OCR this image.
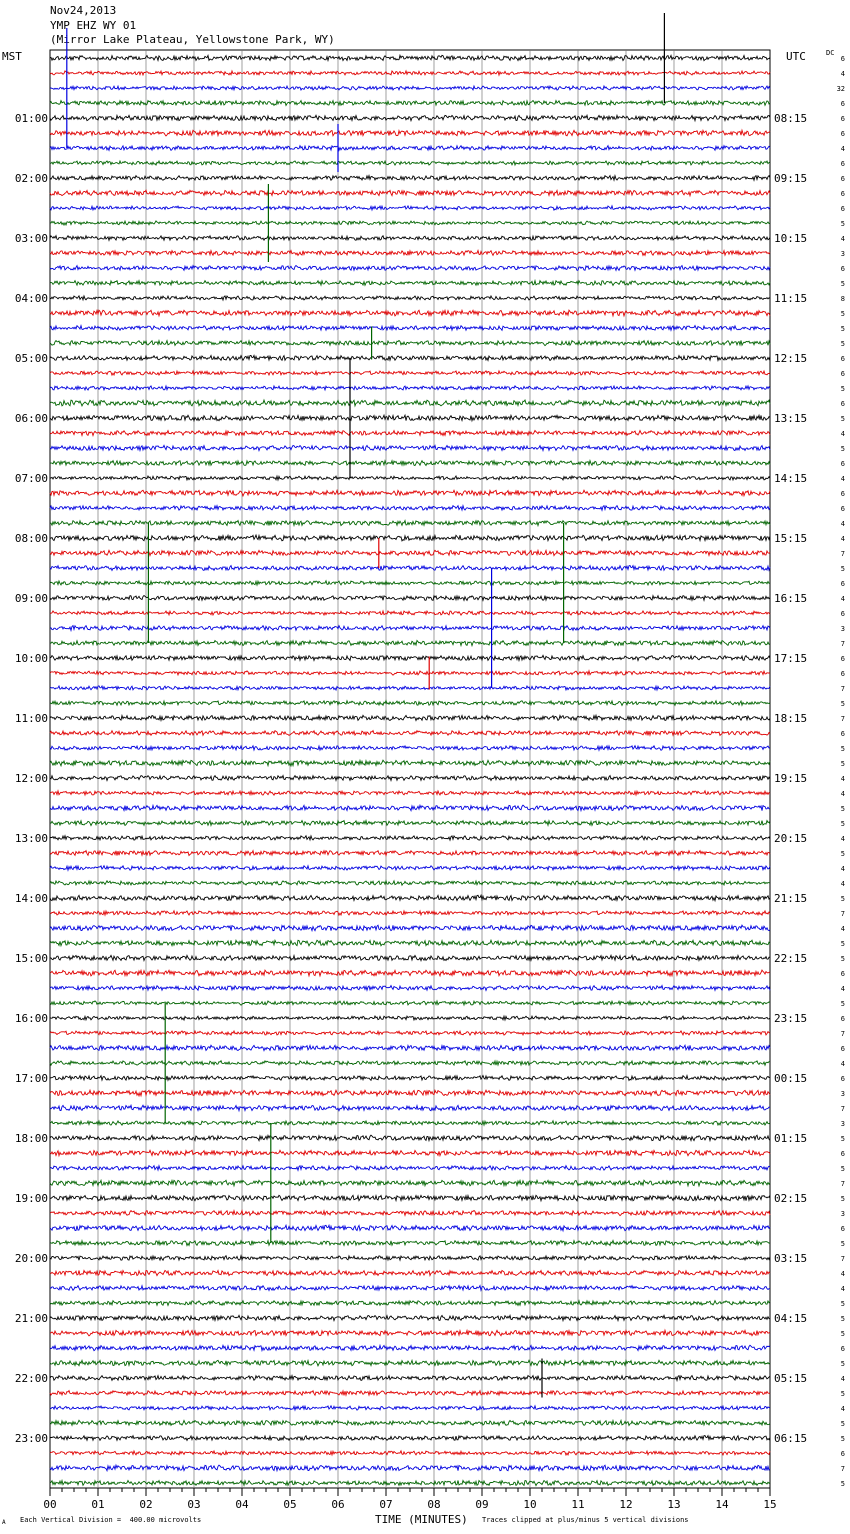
Nov24,2013
YMP EHZ WY 01
(Mirror Lake Plateau, Yellowstone Park, WY)
MST	UTC	DC
01:00
02:00
03:00
04:00
05:00
06:00
07:00
08:00
09:00
10:00
11:00
12:00
13:00
14:00
15:00
16:00
17:00
18:00
19:00
20:00
21:00
22:00
23:00
08:15
09:15
10:15
11:15
12:15
13:15
14:15
15:15
16:15
17:15
18:15
19:15
20:15
21:15
22:15
23:15
00:15
01:15
02:15
03:15
04:15
05:15
06:15
6
4
32
6
6
6
4
6
6
6
6
5
4
3
6
5
8
5
5
5
6
6
5
6
5
4
5
6
4
6
6
4
4
7
5
6
4
6
3
7
6
6
7
5
7
6
5
5
4
4
5
5
4
5
4
4
5
7
4
5
5
6
4
5
6
7
6
4
6
3
7
3
5
6
5
7
5
3
6
5
7
4
4
5
5
5
6
5
4
5
4
5
5
6
7
5
00	01	02	03	04	05	06	07	08	09	10	11	12	13	14	15
A Each Vertical Division =  400.00 microvolts	TIME (MINUTES) Traces clipped at plus/minus 5 vertical divisions
